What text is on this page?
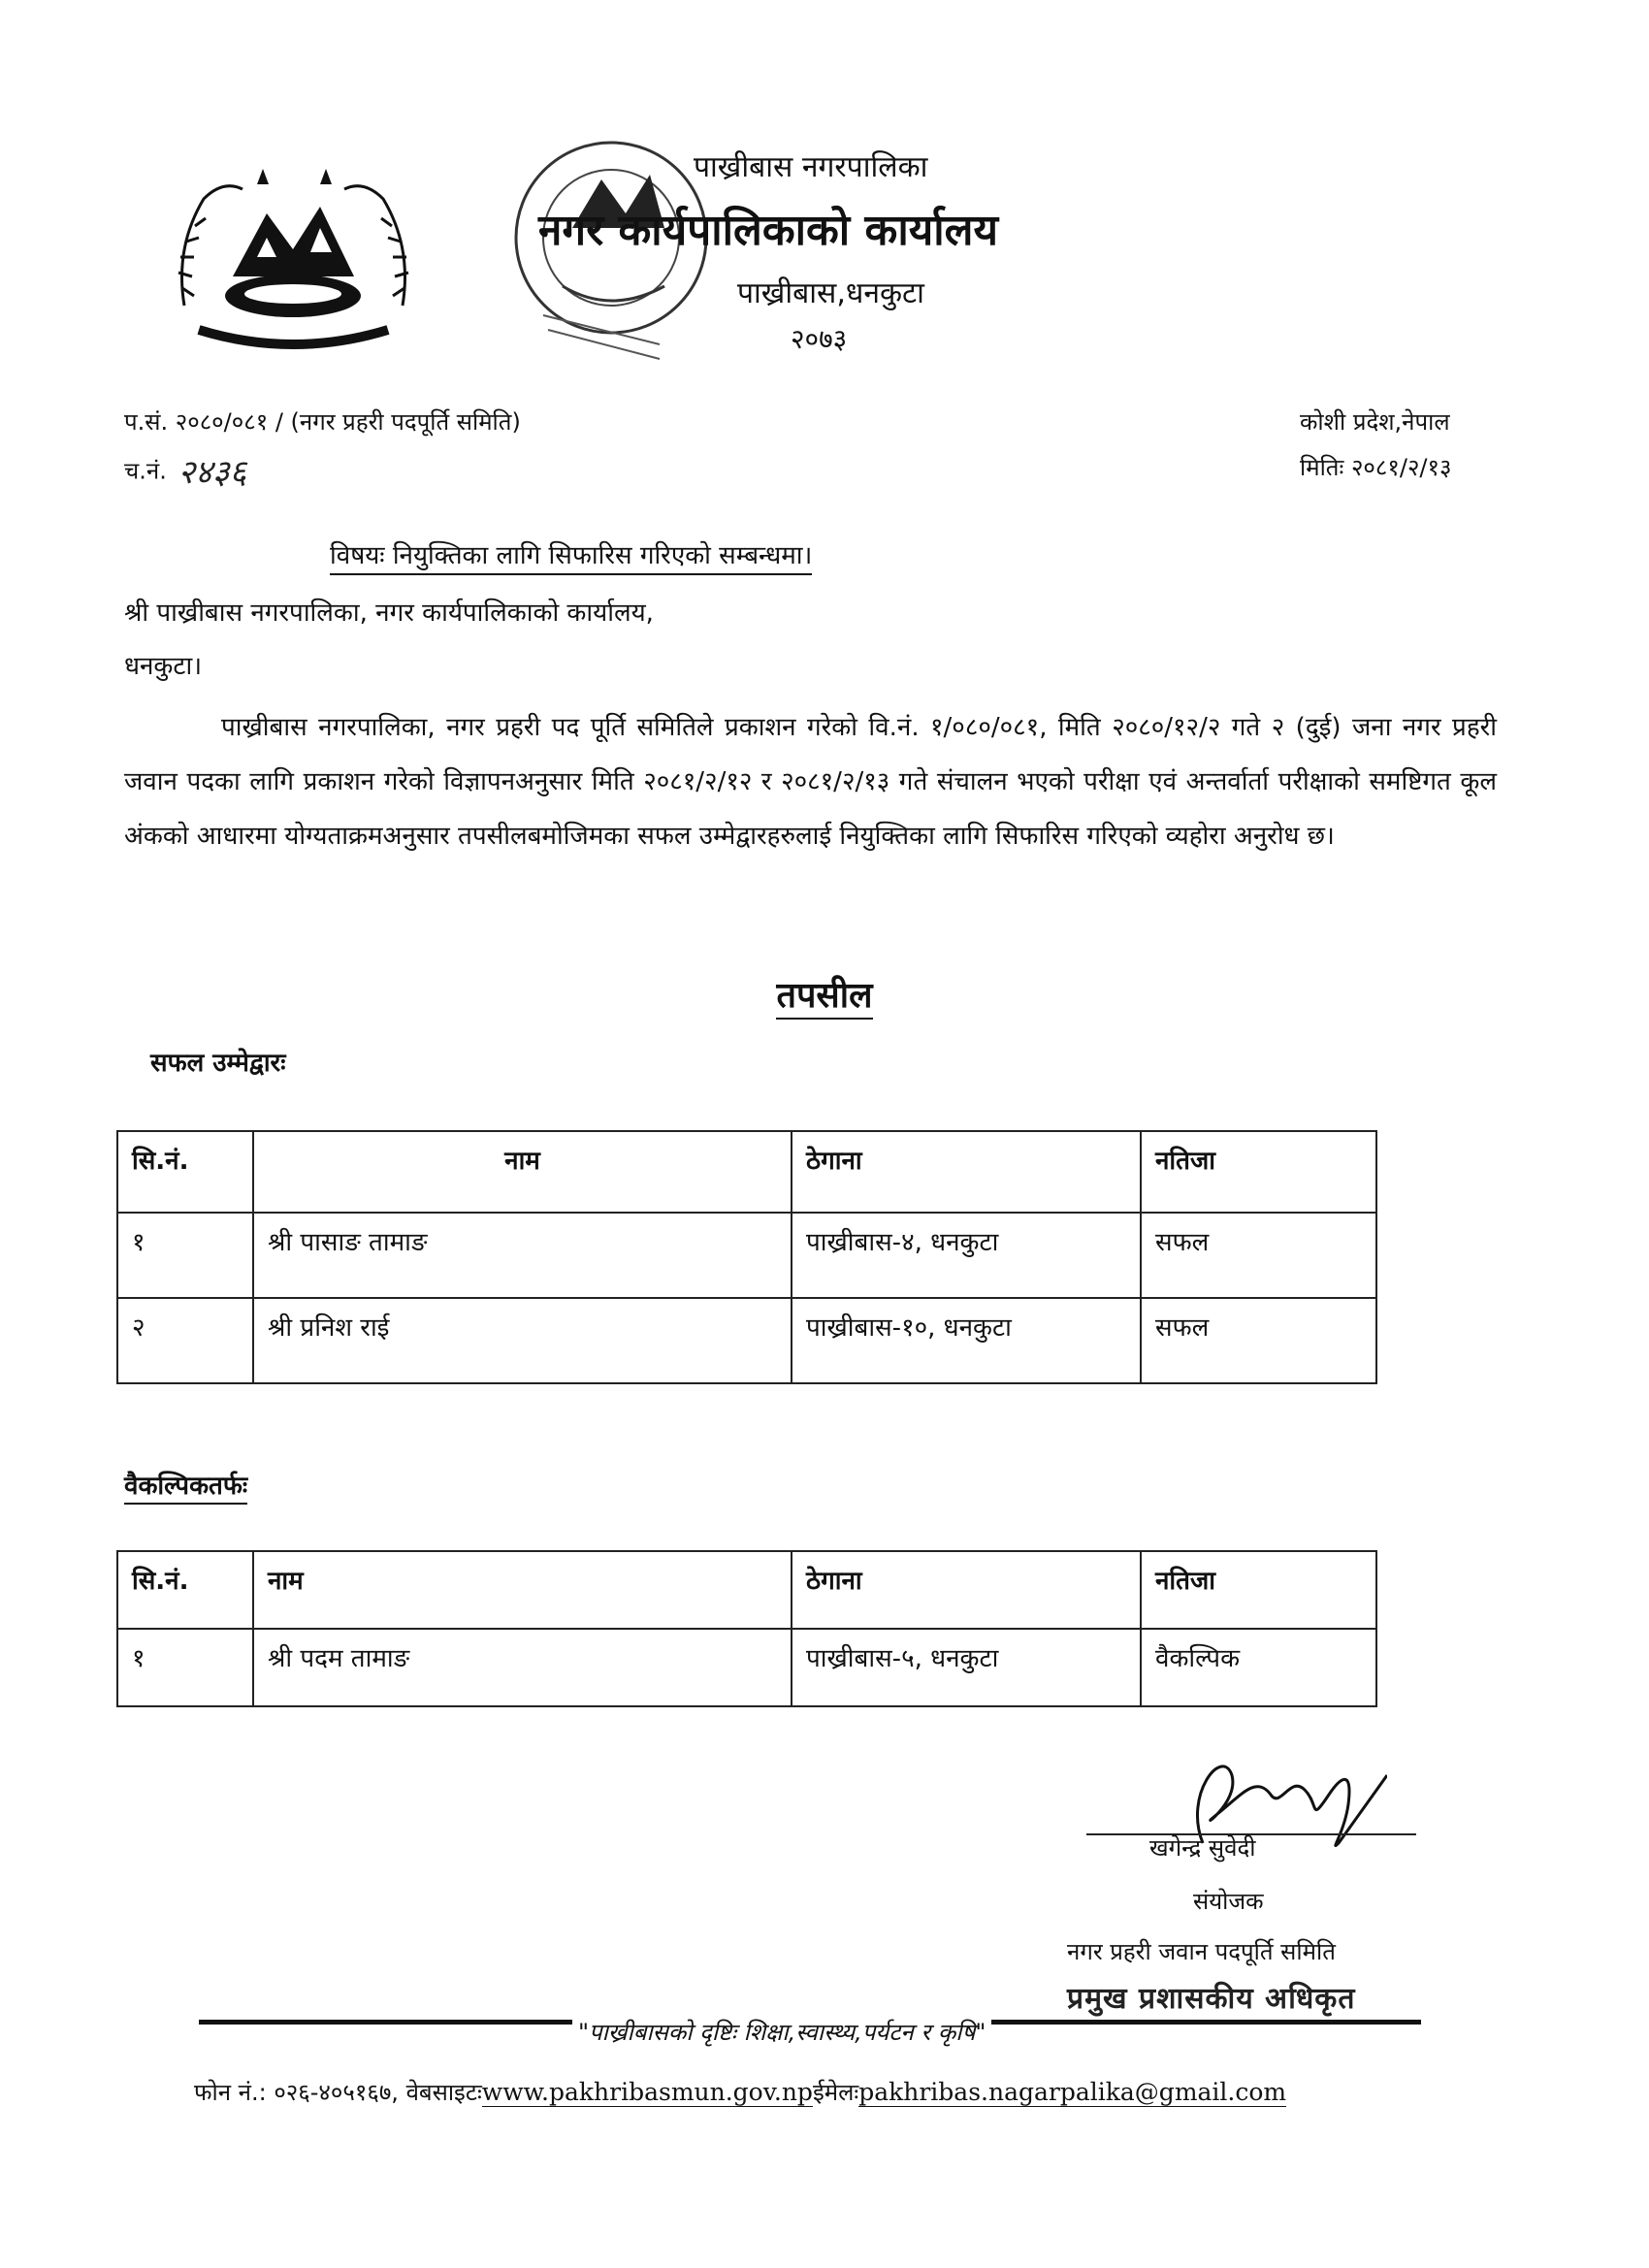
पाख्रीबास नगरपालिका
नगर कार्यपालिकाको कार्यालय
पाख्रीबास,धनकुटा
२०७३
प.सं. २०८०/०८१ / (नगर प्रहरी पदपूर्ति समिति)
च.नं. २४३६
कोशी प्रदेश,नेपाल
मितिः २०८१/२/१३
विषयः नियुक्तिका लागि सिफारिस गरिएको सम्बन्धमा।
श्री पाख्रीबास नगरपालिका, नगर कार्यपालिकाको कार्यालय,
धनकुटा।

पाख्रीबास नगरपालिका, नगर प्रहरी पद पूर्ति समितिले प्रकाशन गरेको वि.नं. १/०८०/०८१, मिति २०८०/१२/२ गते २ (दुई) जना नगर प्रहरी जवान पदका लागि प्रकाशन गरेको विज्ञापनअनुसार मिति २०८१/२/१२ र २०८१/२/१३ गते संचालन भएको परीक्षा एवं अन्तर्वार्ता परीक्षाको समष्टिगत कूल अंकको आधारमा योग्यताक्रमअनुसार तपसीलबमोजिमका सफल उम्मेद्वारहरुलाई नियुक्तिका लागि सिफारिस गरिएको व्यहोरा अनुरोध छ।

तपसील
सफल उम्मेद्वारः
सि.नं.	नाम	ठेगाना	नतिजा
१	श्री पासाङ तामाङ	पाख्रीबास-४, धनकुटा	सफल
२	श्री प्रनिश राई	पाख्रीबास-१०, धनकुटा	सफल
वैकल्पिकतर्फः
सि.नं.	नाम	ठेगाना	नतिजा
१	श्री पदम तामाङ	पाख्रीबास-५, धनकुटा	वैकल्पिक
खगेन्द्र सुवेदी
संयोजक
नगर प्रहरी जवान पदपूर्ति समिति
प्रमुख प्रशासकीय अधिकृत
"पाख्रीबासको दृष्टिः शिक्षा,स्वास्थ्य,पर्यटन र कृषि"
फोन नं.: ०२६-४०५१६७, वेबसाइटःwww.pakhribasmun.gov.npईमेलःpakhribas.nagarpalika@gmail.com
